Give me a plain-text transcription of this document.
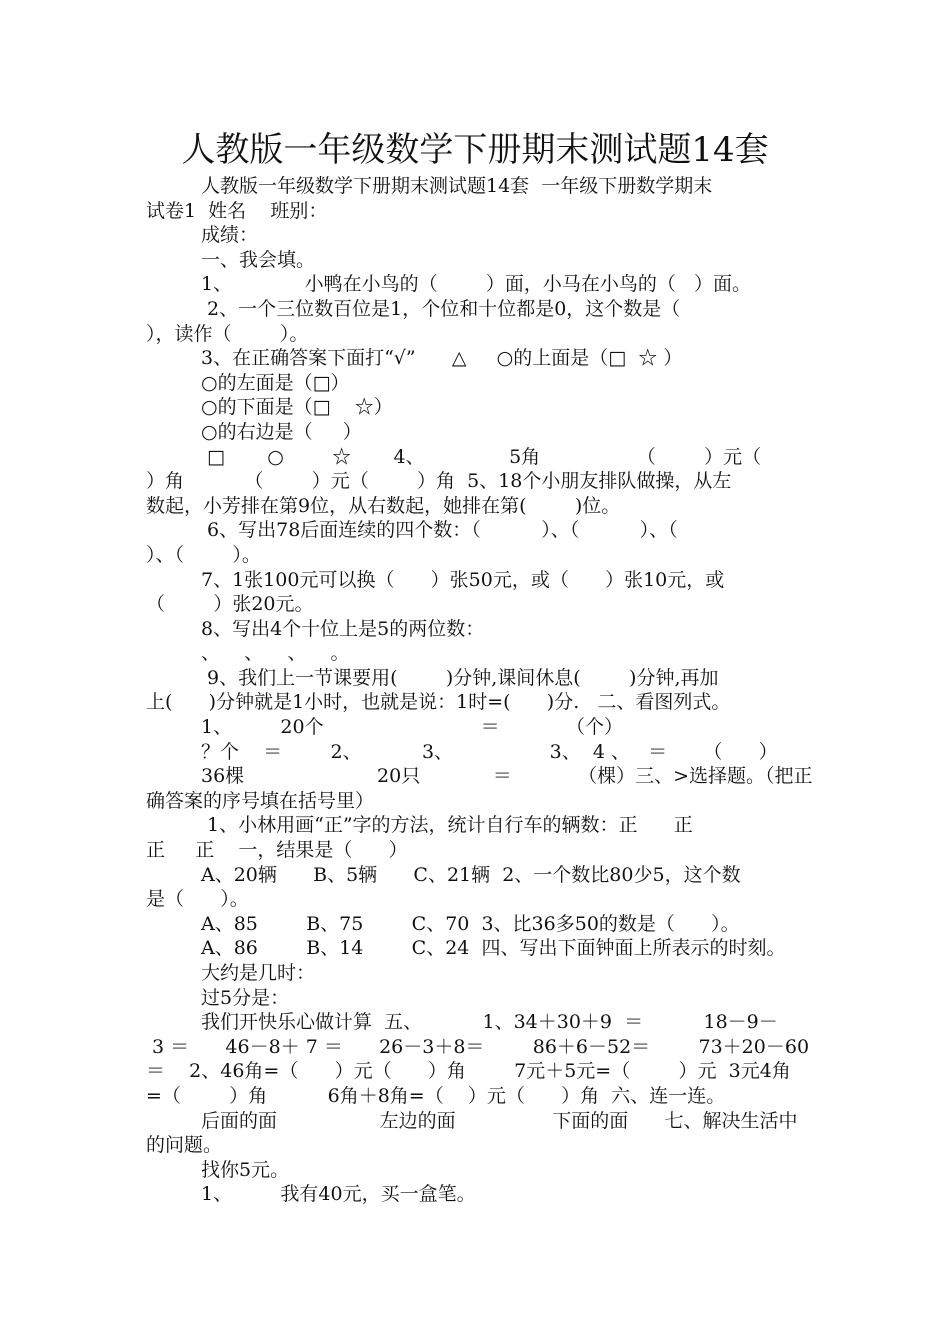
人教版一年级数学下册期末测试题14套
人教版一年级数学下册期末测试题14套  一年级下册数学期末
试卷1  姓名    班别：
成绩：
一、我会填。
1、            小鸭在小鸟的（        ）面，小马在小鸟的（   ）面。
2、一个三位数百位是1，个位和十位都是0，这个数是（
），读作（        ）。
3、在正确答案下面打“√”      △     ○的上面是（□  ☆ ）
○的左面是（□）
○的下面是（□    ☆）
○的右边是（     ）
□       ○        ☆       4、              5角                （        ）元（
）角          （        ）元（        ）角  5、18个小朋友排队做操，从左
数起，小芳排在第9位，从右数起，她排在第(        )位。
6、写出78后面连续的四个数：（          ）、（          ）、（
）、（        ）。
7、1张100元可以换（      ）张50元，或（      ）张10元，或
（        ）张20元。
8、写出4个十位上是5的两位数：
、    、    、    。
9、我们上一节课要用(        )分钟,课间休息(        )分钟,再加
上(      )分钟就是1小时，也就是说：1时=(      )分.   二、看图列式。
1、        20个                          ＝           （个）
？个    ＝        2、          3、                3、  4 、   ＝      （      ）
36棵                      20只            ＝           （棵）三、>选择题。（把正
确答案的序号填在括号里）
1、小林用画“正”字的方法，统计自行车的辆数：正      正
正     正    一，结果是（      ）
A、20辆      B、5辆      C、21辆  2、一个数比80少5，这个数
是（      ）。
A、85        B、75        C、70  3、比36多50的数是（      ）。
A、86        B、14        C、24  四、写出下面钟面上所表示的时刻。
大约是几时：
过5分是：
我们开快乐心做计算  五、          1、34＋30＋9  ＝          18－9－
3 ＝      46－8＋ 7 ＝      26－3＋8＝        86＋6－52＝        73＋20－60
＝    2、46角=（      ）元（      ）角        7元＋5元=（        ）元  3元4角
=（        ）角          6角＋8角=（    ）元（      ）角  六、连一连。
后面的面                 左边的面                下面的面      七、解决生活中
的问题。
找你5元。
1、        我有40元，买一盒笔。
